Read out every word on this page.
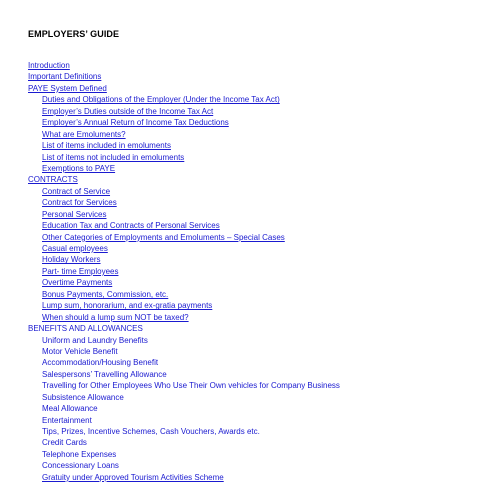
EMPLOYERS’ GUIDE
Introduction
Important Definitions
PAYE System Defined
Duties and Obligations of the Employer (Under the Income Tax Act)
Employer’s Duties outside of the Income Tax Act
Employer’s Annual Return of Income Tax Deductions
What are Emoluments?
List of items included in emoluments
List of items not included in emoluments
Exemptions to PAYE
CONTRACTS
Contract of Service
Contract for Services
Personal Services
Education Tax and Contracts of Personal Services
Other Categories of Employments and Emoluments – Special Cases
Casual employees
Holiday Workers
Part- time Employees
Overtime Payments
Bonus Payments, Commission, etc.
Lump sum, honorarium, and ex-gratia payments
When should a lump sum NOT be taxed?
BENEFITS AND ALLOWANCES
Uniform and Laundry Benefits
Motor Vehicle Benefit
Accommodation/Housing Benefit
Salespersons’ Travelling Allowance
Travelling for Other Employees Who Use Their Own vehicles for Company Business
Subsistence Allowance
Meal Allowance
Entertainment
Tips, Prizes, Incentive Schemes, Cash Vouchers, Awards etc.
Credit Cards
Telephone Expenses
Concessionary Loans
Gratuity under Approved Tourism Activities Scheme
